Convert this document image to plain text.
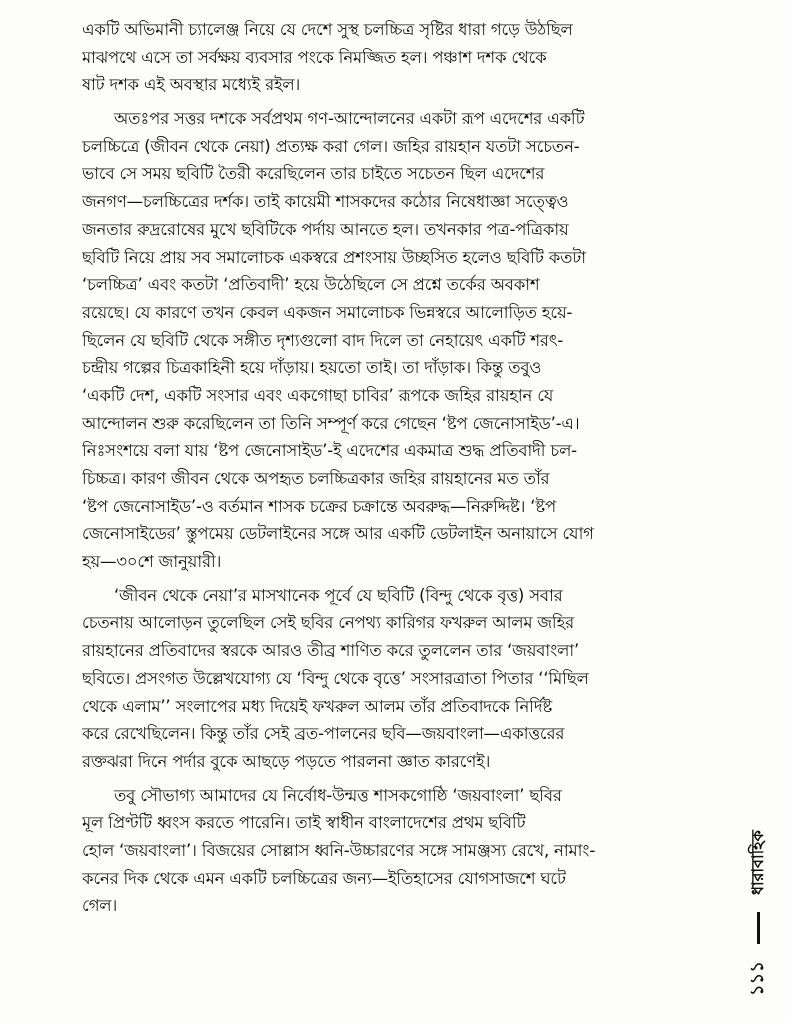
একটি অভিমানী চ্যালেঞ্জ নিয়ে যে দেশে সুস্থ চলচ্চিত্র সৃষ্টির ধারা গড়ে উঠছিল
মাঝপথে এসে তা সর্বক্ষয় ব্যবসার পংকে নিমজ্জিত হল। পঞ্চাশ দশক থেকে
ষাট দশক এই অবস্থার মধ্যেই রইল।
অতঃপর সত্তর দশকে সর্বপ্রথম গণ-আন্দোলনের একটা রূপ এদেশের একটি
চলচ্চিত্রে (জীবন থেকে নেয়া) প্রত্যক্ষ করা গেল। জহির রায়হান যতটা সচেতন-
ভাবে সে সময় ছবিটি তৈরী করেছিলেন তার চাইতে সচেতন ছিল এদেশের
জনগণ—চলচ্চিত্রের দর্শক। তাই কায়েমী শাসকদের কঠোর নিষেধাজ্ঞা সত্ত্বেও
জনতার রুদ্ররোষের মুখে ছবিটিকে পর্দায় আনতে হল। তখনকার পত্র-পত্রিকায়
ছবিটি নিয়ে প্রায় সব সমালোচক একস্বরে প্রশংসায় উচ্ছসিত হলেও ছবিটি কতটা
‘চলচ্চিত্র’ এবং কতটা ‘প্রতিবাদী’ হয়ে উঠেছিলে সে প্রশ্নে তর্কের অবকাশ
রয়েছে। যে কারণে তখন কেবল একজন সমালোচক ভিন্নস্বরে আলোড়িত হয়ে-
ছিলেন যে ছবিটি থেকে সঙ্গীত দৃশ্যগুলো বাদ দিলে তা নেহায়েৎ একটি শরৎ-
চন্দ্রীয় গল্পের চিত্রকাহিনী হয়ে দাঁড়ায়। হয়তো তাই। তা দাঁড়াক। কিন্তু তবুও
‘একটি দেশ, একটি সংসার এবং একগোছা চাবির’ রূপকে জহির রায়হান যে
আন্দোলন শুরু করেছিলেন তা তিনি সম্পূর্ণ করে গেছেন ‘ষ্টপ জেনোসাইড’-এ।
নিঃসংশয়ে বলা যায় ‘ষ্টপ জেনোসাইড’-ই এদেশের একমাত্র শুদ্ধ প্রতিবাদী চল-
চিচ্চত্র। কারণ জীবন থেকে অপহৃত চলচ্চিত্রকার জহির রায়হানের মত তাঁর
‘ষ্টপ জেনোসাইড’-ও বর্তমান শাসক চক্রের চক্রান্তে অবরুদ্ধ—নিরুদ্দিষ্ট। ‘ষ্টপ
জেনোসাইডের’ স্তুপমেয় ডেটলাইনের সঙ্গে আর একটি ডেটলাইন অনায়াসে যোগ
হয়—৩০শে জানুয়ারী।
‘জীবন থেকে নেয়া’র মাসখানেক পূর্বে যে ছবিটি (বিন্দু থেকে বৃত্ত) সবার
চেতনায় আলোড়ন তুলেছিল সেই ছবির নেপথ্য কারিগর ফখরুল আলম জহির
রায়হানের প্রতিবাদের স্বরকে আরও তীব্র শাণিত করে তুললেন তার ‘জয়বাংলা’
ছবিতে। প্রসংগত উল্লেখযোগ্য যে ‘বিন্দু থেকে বৃত্তে’ সংসারত্রাতা পিতার ‘‘মিছিল
থেকে এলাম’’ সংলাপের মধ্য দিয়েই ফখরুল আলম তাঁর প্রতিবাদকে নির্দিষ্ট
করে রেখেছিলেন। কিন্তু তাঁর সেই ব্রত-পালনের ছবি—জয়বাংলা—একাত্তরের
রক্তঝরা দিনে পর্দার বুকে আছড়ে পড়তে পারলনা জ্ঞাত কারণেই।
তবু সৌভাগ্য আমাদের যে নির্বোধ-উন্মত্ত শাসকগোষ্ঠি ‘জয়বাংলা’ ছবির
মূল প্রিণ্টটি ধ্বংস করতে পারেনি। তাই স্বাধীন বাংলাদেশের প্রথম ছবিটি
হোল ‘জয়বাংলা’। বিজয়ের সোল্লাস ধ্বনি-উচ্চারণের সঙ্গে সামঞ্জস্য রেখে, নামাং-
কনের দিক থেকে এমন একটি চলচ্চিত্রের জন্য—ইতিহাসের যোগসাজশে ঘটে
গেল।
ধারাবাহিক
১১১
